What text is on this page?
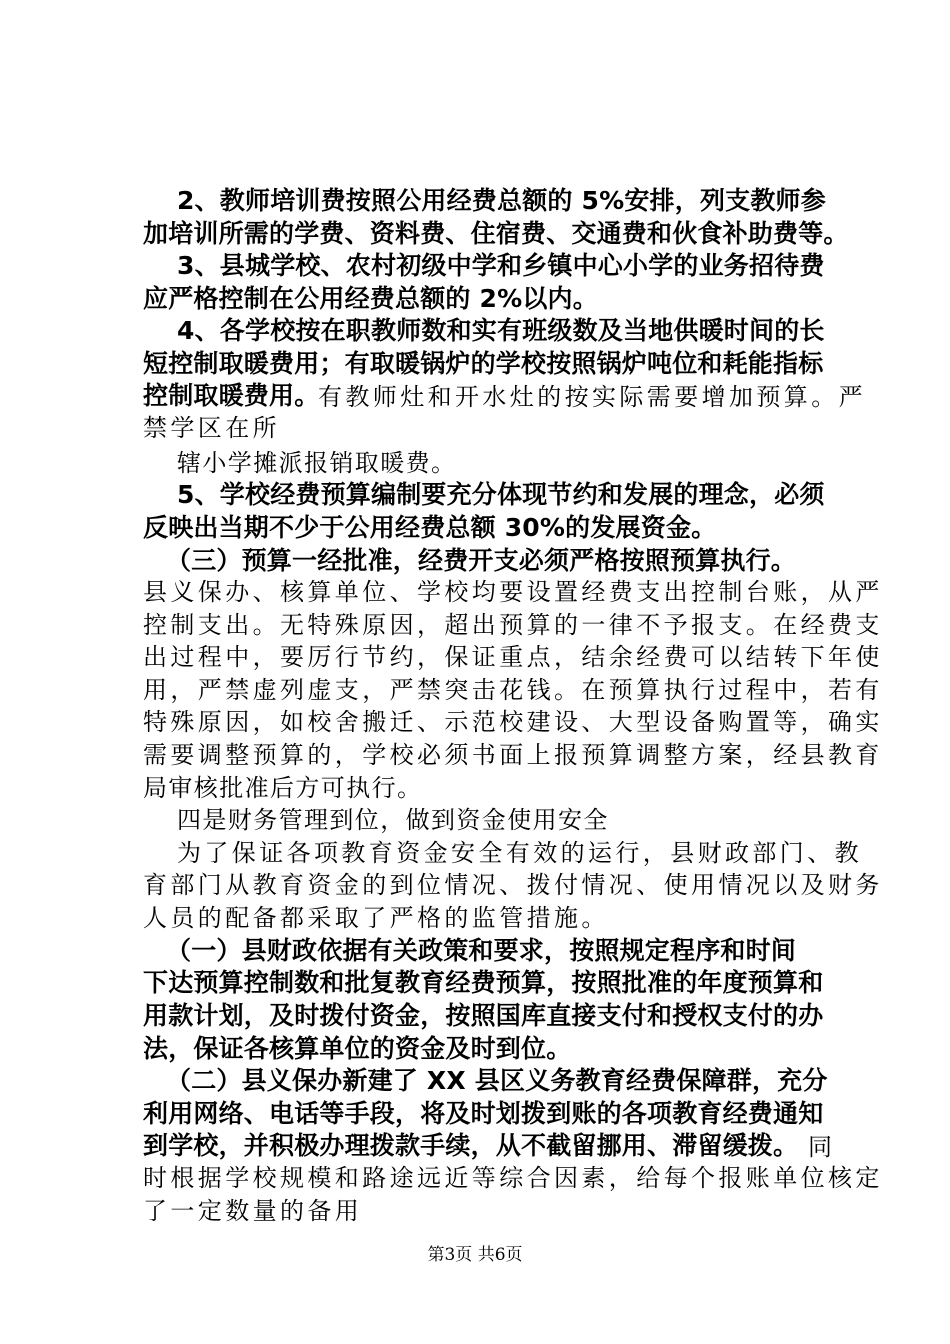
2、教师培训费按照公用经费总额的 5%安排，列支教师参
加培训所需的学费、资料费、住宿费、交通费和伙食补助费等。
3、县城学校、农村初级中学和乡镇中心小学的业务招待费
应严格控制在公用经费总额的 2%以内。
4、各学校按在职教师数和实有班级数及当地供暖时间的长
短控制取暖费用；有取暖锅炉的学校按照锅炉吨位和耗能指标
控制取暖费用。
有教师灶和开水灶的按实际需要增加预算。严
禁学区在所
辖小学摊派报销取暖费。
5、学校经费预算编制要充分体现节约和发展的理念，必须
反映出当期不少于公用经费总额 30%的发展资金。
（三）预算一经批准，经费开支必须严格按照预算执行。
县义保办、核算单位、学校均要设置经费支出控制台账，从严
控制支出。无特殊原因，超出预算的一律不予报支。在经费支
出过程中，要厉行节约，保证重点，结余经费可以结转下年使
用，严禁虚列虚支，严禁突击花钱。在预算执行过程中，若有
特殊原因，如校舍搬迁、示范校建设、大型设备购置等，确实
需要调整预算的，学校必须书面上报预算调整方案，经县教育
局审核批准后方可执行。
四是财务管理到位，做到资金使用安全
为了保证各项教育资金安全有效的运行，县财政部门、教
育部门从教育资金的到位情况、拨付情况、使用情况以及财务
人员的配备都采取了严格的监管措施。
（一）县财政依据有关政策和要求，按照规定程序和时间
下达预算控制数和批复教育经费预算，按照批准的年度预算和
用款计划，及时拨付资金，按照国库直接支付和授权支付的办
法，保证各核算单位的资金及时到位。
（二）县义保办新建了 XX 县区义务教育经费保障群，充分
利用网络、电话等手段，将及时划拨到账的各项教育经费通知
到学校，并积极办理拨款手续，从不截留挪用、滞留缓拨。 同
时根据学校规模和路途远近等综合因素，给每个报账单位核定
了一定数量的备用
第3页 共6页
